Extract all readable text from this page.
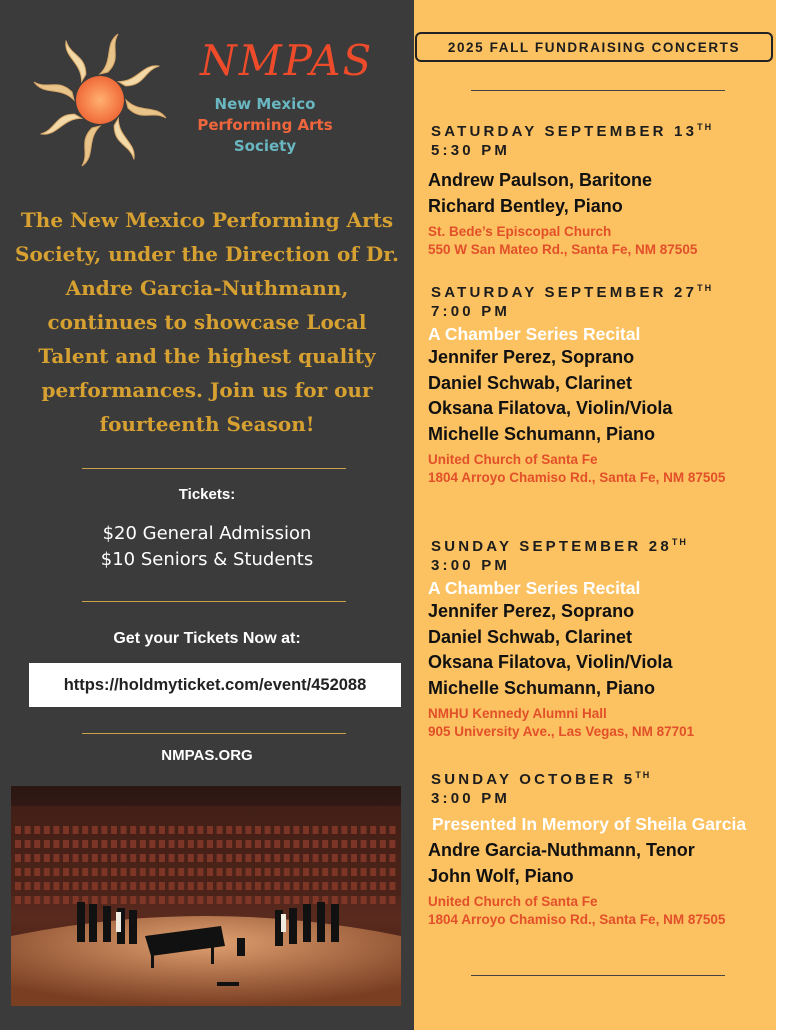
NMPAS
New Mexico
Performing Arts
Society
The New Mexico Performing Arts Society, under the Direction of Dr. Andre Garcia-Nuthmann, continues to showcase Local Talent and the highest quality performances. Join us for our fourteenth Season!
Tickets:
$20 General Admission
$10 Seniors & Students
Get your Tickets Now at:
https://holdmyticket.com/event/452088
NMPAS.ORG
2025 FALL FUNDRAISING CONCERTS
SATURDAY SEPTEMBER 13TH
5:30 PM
Andrew Paulson, Baritone
Richard Bentley, Piano
St. Bede’s Episcopal Church
550 W San Mateo Rd., Santa Fe, NM 87505
SATURDAY SEPTEMBER 27TH
7:00 PM
A Chamber Series Recital
Jennifer Perez, Soprano
Daniel Schwab, Clarinet
Oksana Filatova, Violin/Viola
Michelle Schumann, Piano
United Church of Santa Fe
1804 Arroyo Chamiso Rd., Santa Fe, NM 87505
SUNDAY SEPTEMBER 28TH
3:00 PM
A Chamber Series Recital
Jennifer Perez, Soprano
Daniel Schwab, Clarinet
Oksana Filatova, Violin/Viola
Michelle Schumann, Piano
NMHU Kennedy Alumni Hall
905 University Ave., Las Vegas, NM 87701
SUNDAY OCTOBER 5TH
3:00 PM
Presented In Memory of Sheila Garcia
Andre Garcia-Nuthmann, Tenor
John Wolf, Piano
United Church of Santa Fe
1804 Arroyo Chamiso Rd., Santa Fe, NM 87505
